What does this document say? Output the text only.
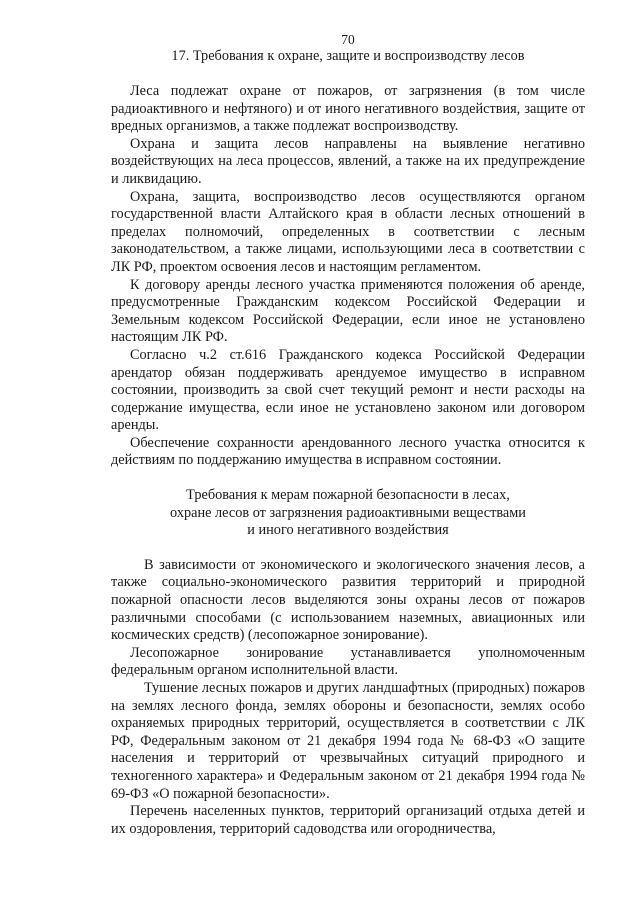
70

17. Требования к охране, защите и воспроизводству лесов

Леса подлежат охране от пожаров, от загрязнения (в том числе радиоактивного и нефтяного) и от иного негативного воздействия, защите от вредных организмов, а также подлежат воспроизводству.

Охрана и защита лесов направлены на выявление негативно воздействующих на леса процессов, явлений, а также на их предупреждение и ликвидацию.

Охрана, защита, воспроизводство лесов осуществляются органом государственной власти Алтайского края в области лесных отношений в пределах полномочий, определенных в соответствии с лесным законодательством, а также лицами, использующими леса в соответствии с ЛК РФ, проектом освоения лесов и настоящим регламентом.

К договору аренды лесного участка применяются положения об аренде, предусмотренные Гражданским кодексом Российской Федерации и Земельным кодексом Российской Федерации, если иное не установлено настоящим ЛК РФ.

Согласно ч.2 ст.616 Гражданского кодекса Российской Федерации арендатор обязан поддерживать арендуемое имущество в исправном состоянии, производить за свой счет текущий ремонт и нести расходы на содержание имущества, если иное не установлено законом или договором аренды.

Обеспечение сохранности арендованного лесного участка относится к действиям по поддержанию имущества в исправном состоянии.

Требования к мерам пожарной безопасности в лесах,
охране лесов от загрязнения радиоактивными веществами
и иного негативного воздействия

В зависимости от экономического и экологического значения лесов, а также социально-экономического развития территорий и природной пожарной опасности лесов выделяются зоны охраны лесов от пожаров различными способами (с использованием наземных, авиационных или космических средств) (лесопожарное зонирование).

Лесопожарное зонирование устанавливается уполномоченным федеральным органом исполнительной власти.

Тушение лесных пожаров и других ландшафтных (природных) пожаров на землях лесного фонда, землях обороны и безопасности, землях особо охраняемых природных территорий, осуществляется в соответствии с ЛК РФ, Федеральным законом от 21 декабря 1994 года № 68-ФЗ «О защите населения и территорий от чрезвычайных ситуаций природного и техногенного характера» и Федеральным законом от 21 декабря 1994 года № 69-ФЗ «О пожарной безопасности».

Перечень населенных пунктов, территорий организаций отдыха детей и их оздоровления, территорий садоводства или огородничества,
